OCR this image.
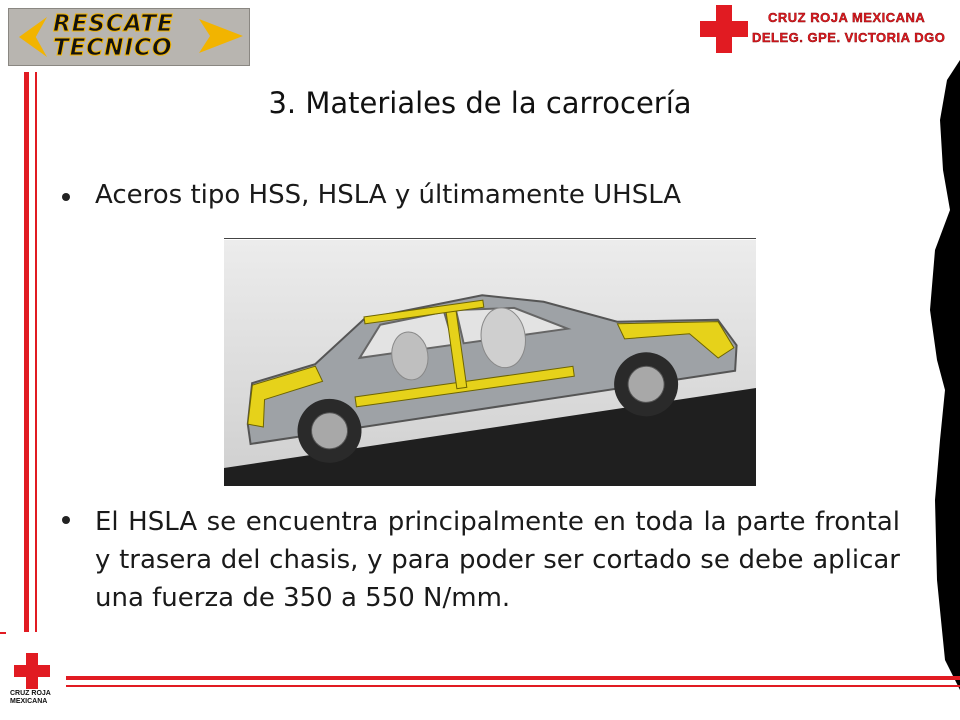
RESCATE
TECNICO
CRUZ ROJA MEXICANA
DELEG. GPE. VICTORIA DGO
3. Materiales de la carrocería
Aceros tipo HSS, HSLA y últimamente UHSLA
El HSLA se encuentra principalmente en toda la parte frontal y trasera del chasis, y para poder ser cortado se debe aplicar una fuerza de 350 a 550 N/mm.
CRUZ ROJA
MEXICANA
